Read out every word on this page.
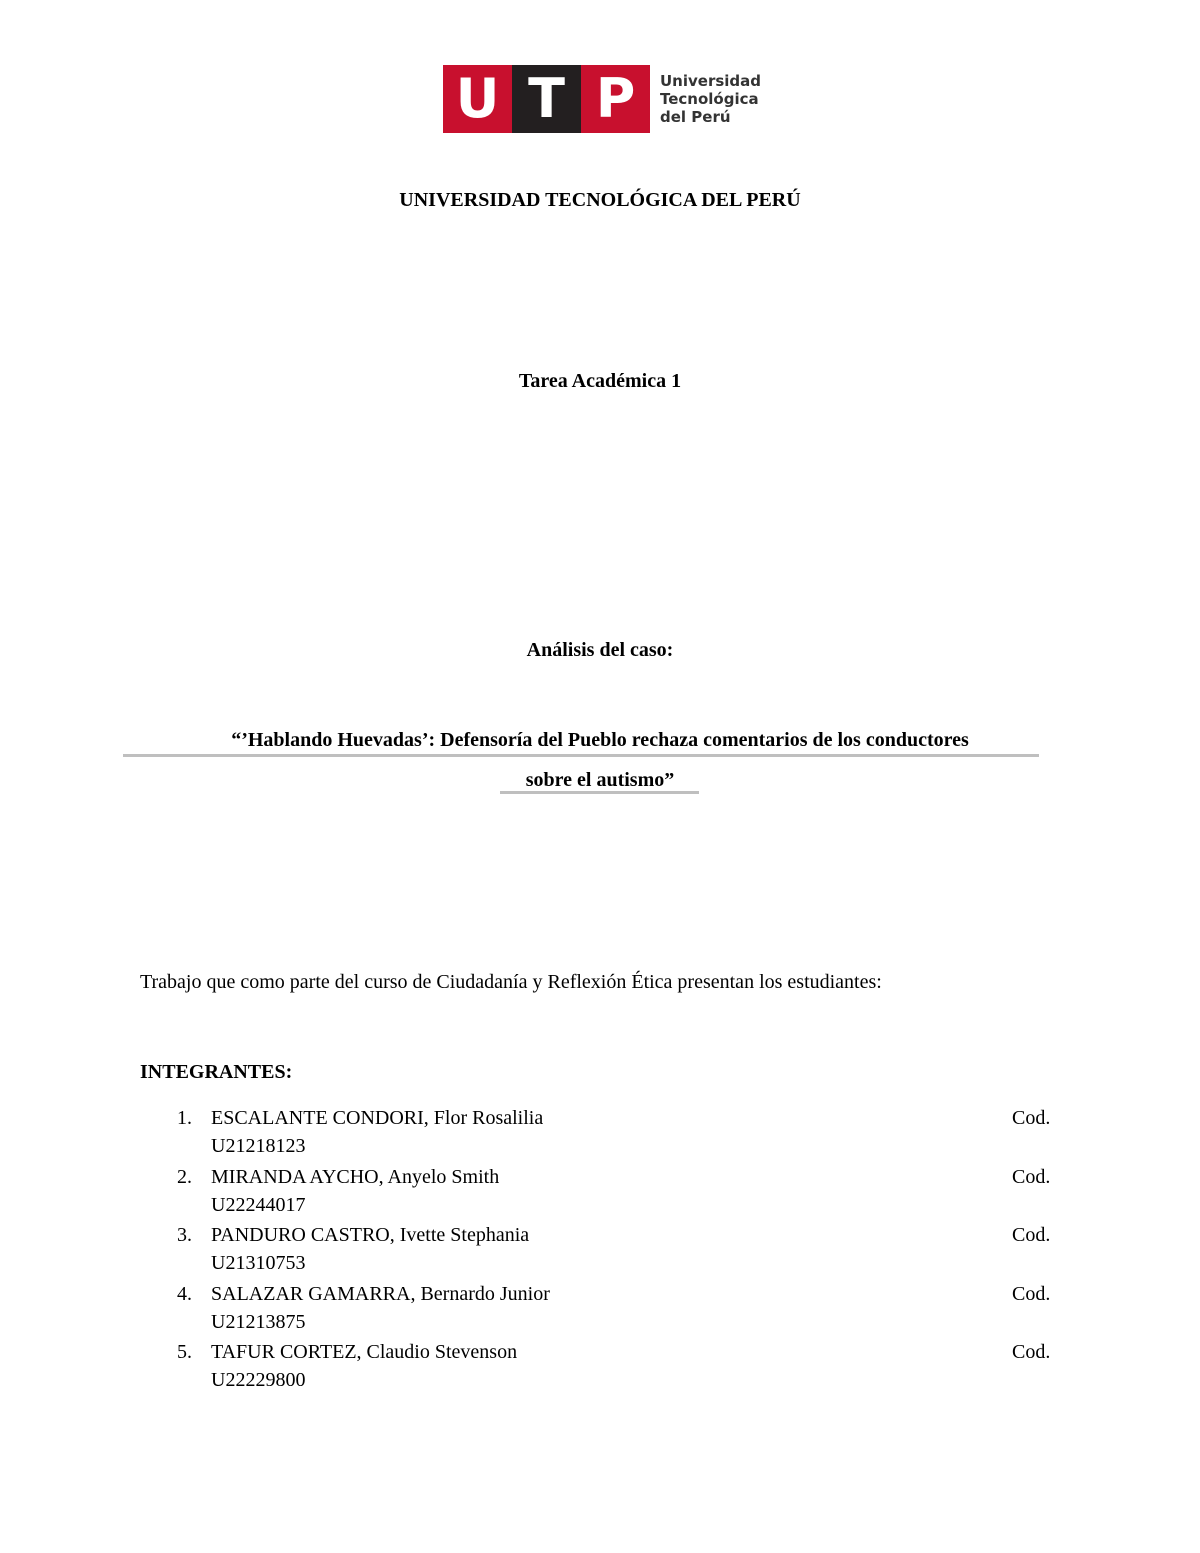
U T P	Universidad
Tecnológica
del Perú
UNIVERSIDAD TECNOLÓGICA DEL PERÚ
Tarea Académica 1
Análisis del caso:
“’Hablando Huevadas’: Defensoría del Pueblo rechaza comentarios de los conductores
sobre el autismo”
Trabajo que como parte del curso de Ciudadanía y Reflexión Ética presentan los estudiantes:
INTEGRANTES:
1. ESCALANTE CONDORI, Flor Rosalilia	Cod.
U21218123
2. MIRANDA AYCHO, Anyelo Smith	Cod.
U22244017
3. PANDURO CASTRO, Ivette Stephania	Cod.
U21310753
4. SALAZAR GAMARRA, Bernardo Junior	Cod.
U21213875
5. TAFUR CORTEZ, Claudio Stevenson	Cod.
U22229800
